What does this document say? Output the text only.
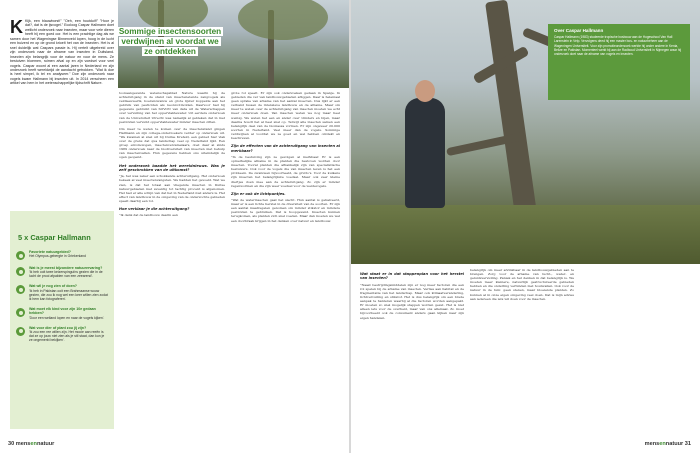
Sommige insectensoorten verdwijnen al voordat we ze ontdekken
K Kijk, een blauwborst!" "Oeh, een houtduif!" "Hoor je dat?, dat is de ijsvogel." Ecoloog Caspar Hallmann doet wellicht onderzoek naar insecten, maar voor vele dieren heeft hij een goed oor. Het is een prachtige dag als we samen door het Wageningse Binnenveld lopen, hoog in de lucht een buizerd en op de grond krioelt het van de insecten. Het is al snel duidelijk wat Caspars passie is. Hij vertelt uitgebreid over zijn onderzoek naar de afname van insecten in Duitsland. Insecten zijn belangrijk voor de natuur en voor de mens. Ze bestuiven bloemen, ruimen afval op en zijn voedsel voor veel vogels. Caspar woont al een aantal jaren in Nederland en zijn onderzoek heeft wereldwijd de aandacht getrokken. "Wat ik doe is heel simpel, ik tel en analyseer." Doe zijn onderzoek naar vogels kwam Hallmann bij insecten uit. In 2014 verscheen een artikel van hem in het wetenschappelijke tijdschrift Nature.

toonaangevende wetenschapsblad Nature waarin hij de achteruitgang in de stand van insectenetende zangvogels als veldleeuwerik, boerenzwaluw en grote lijster koppelde aan het gebruik van pesticiden als neonicotinoïden. Daarvoor had hij gegevens gebruikt van SOVON van data uit de Waterschappen over vervuiling van het oppervlaktewater. Uit eerdere onderzoek van de Universiteit Utrecht was namelijk al gebleken dat in met pesticiden vervuild oppervlaktewater minder insecten zitten.

Om meer te weten te komen over de insectenstand gingen Hallmann en zijn collega-onderzoekers verder op onderzoek uit. "We kwamen al snel uit bij Duitse Krefeld, een gebied hier vlak over de grens dat qua landschap veel op Nederland lijkt. Een groep entomologen, insectenverzamelaars, doet daar al sinds 1989 onderzoek naar de biodiversiteit van insecten met behulp van insectenvallen. Hun gegevens hebben ons uiteindelijk de ogen geopend.

Het onderzoek baadde het wereldnieuws. Was je zelf geschrokken van de uitkomst?

"Ja, het was zeker een schokkende achteruitgang. Het onderzoek bekeek al veel insectenvangsten. We hadden het gevoeld. Wat we zien, is dat het totaal aan vliegende insecten in Duitse natuurgebieden met zeventig tot tachtig procent is afgenomen. Het had er alle schijn van dat het in Nederland niet anders is. Het effect van landbouw in de omgeving van de onderzochte gebieden speelt daarbij een rol.

Hoe verklaar je die achteruitgang?

"Ik denk dat de landbouw daarin een

grote rol speelt. Er zijn ook onderzoeken gedaan in Spanje. In gebieden die ver van landbouwgebieden afliggen. Daar is helemaal geen sprake van afname van het aantal insecten. Dus lijkt er een verband tussen de intensieve landbouw en de afname. Maar om meer te weten over de achteruitgang van insecten moeten we echt meer onderzoek doen. Van insecten weten we nog maar heel weinig. We weten het een en ander over vlinders en bijen, maar daarna houdt het al heel snel op. Terwijl alle insecten samen een belangrijk deel van de biomassa vormen. Er zijn ongeveer 20.000 soorten in Nederland. Veel meer dan de vogels. Sommige verdwijnen al voordat we ze goed en wel hebben ontdekt en beschreven.

Zijn de effecten van de achteruitgang van insecten al merkbaar?

"In de bestuiving zijn ze gevolgen al merkbaar. Er is een opmerkelijke afname in de planten die bestoven worden door insecten. Vooral planten die afhankelijk zijn van specialistische bestuivers. Ook voor de vogels die van insecten leven is het een probleem. De zwaluwen bijvoorbeeld, de grutto's. Voor de kuikens zijn insecten het belangrijkste voedsel. Maar ook zeer kleine diertjes doen mee aan de achteruitgang. Zo zijn er minder regenwormen en die zijn weer voedsel voor de weidevogels.

Zijn er ook de lichtpuntjes.

"Wat de waterinsecten gaat het slecht. Hun aantal is gehalveerd, maar er is een lichte herstel in de diversiteit van de soorten. Er zijn een aantal maatregelen genomen om minder stikstof en mindere pesticiden te gebruiken. Dat is hoopgevend. Insecten kunnen terugkomen, als planten zich snel voeden. Maar dan moeten we wel een doorbraak krijgen in het denken over natuur en landbouw.

5 x Caspar Hallmann
Favoriete natuurgebied?
Het Olympus-gebergte in Griekenland
Wat is je meest bijzondere natuurervaring?
'Ik heb ooit twee keizerspinguïns gezien die in de lucht de prooi afpakten van een zeearend'.
Wat wil je nog zien of doen?
'Ik heb in Pakistan ooit een Brahmaanse wouw gezien, die zou ik nog wel een keer willen zien zodat ik hem kan fotograferen'.
Wat moet elk kind voor zijn 10e gedaan hebben?
'Door een weiland lopen en naar de vogels kijken'.
Wat voor dier of plant zou jij zijn?
'Ik zou een ree willen zijn. Het mooie aan reeën is dat ze op jouw niet zien als je stil staat, dan kun je ze ongemerkt bekijken'.
30 mensennatuur
Wat staat er in dat stappenplan voor het herstel van insecten?

"Naast bestrijdingsmiddelen zijn er nog meer factoren die een rol spelen bij de afname van insecten. Verlies aan habitat en de fragmentatie van het landschap. Maar ook klimaatverandering, lichtvervuiling en stikstof. Het is dus belangrijk om een brede aanpak te hanteren waarbij al die factoren worden aangepakt. Er moeten zo snel mogelijk stappen worden gezet. Het is niet alleen iets voor de overheid, maar van ons allemaal. Zo moet bijvoorbeeld ook de consument anders gaan kijken naar zijn eigen handelen.

belangrijk om meer afvinkbaar in de landbouwgebieden aan te brengen. Zorg voor de afname van lucht-, water- en geluidsvervuiling. Paniek en het denken in dat belangrijk is. We moeten meer kleinere, natuurlijk gestructureerde gebieden hebben en die onderling verbinden met houtwallen. Ook voor de natuur in de tuin: geen stenen, maar bloeiende planten. Zo kunnen al in onze eigen omgeving veel doen. Dat is mijn advies aan iedereen die iets wil doen voor de insecten.

mensennatuur 31
Over Caspar Hallmann
Caspar Hallmann (1983) studeerde tropische bosbouw aan de Hogeschool Van Hall Larenstein in Velp. Vervolgens deed hij een master bos- en natuurbeheer aan de Wageningen Universiteit. Voor zijn promotieonderzoek werkte hij onder andere in Kenia, Belize en Pakistan. Momenteel werkt hij aan de Radboud Universiteit in Nijmegen waar hij onderzoek doet naar de afname van vogels en insecten.
